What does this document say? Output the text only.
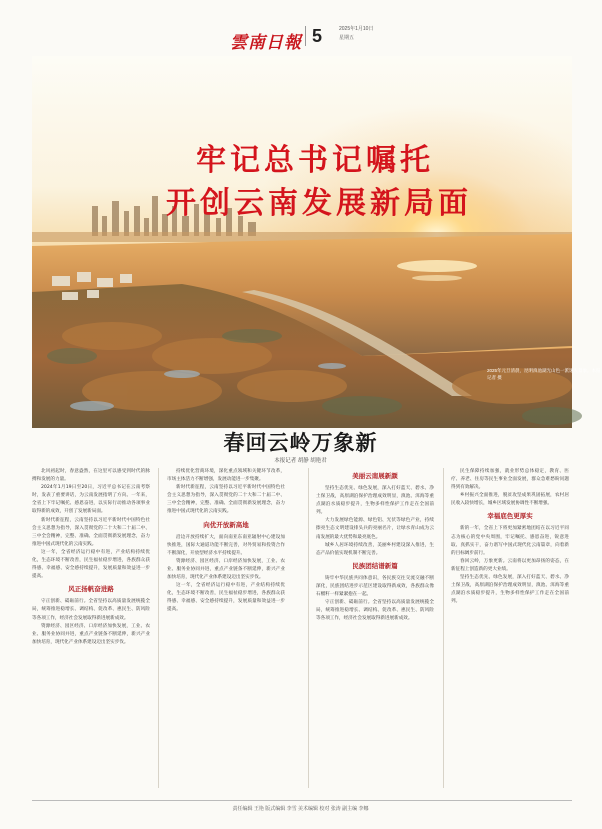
雲南日報 5	2025年1月10日
星期五
牢记总书记嘱托
开创云南发展新局面
2025年元旦清晨，昆明滇池湖光山色一派迷人景象。本报记者 摄
春回云岭万象新
本报记者 胡静 胡艳君

北风初起时，春意盎然，在这里可以感受到时代的脉搏和发展的力量。

2024年1月19日至20日，习近平总书记在云南考察时，发表了重要讲话，为云南发展指明了方向。一年来，全省上下牢记嘱托、感恩奋进，以实际行动推动各项事业取得新的成效，开创了发展新局面。

新时代新征程，云南坚持以习近平新时代中国特色社会主义思想为指导，深入贯彻党的二十大和二十届二中、三中全会精神，完整、准确、全面贯彻新发展理念，奋力推进中国式现代化的云南实践。

这一年，全省经济运行稳中有进，产业结构持续优化，生态环境不断改善，民生福祉稳步增进，各族群众获得感、幸福感、安全感持续提升，发展质量和效益进一步提高。

风正扬帆奋进路

守正创新、砥砺前行。全省坚持以高质量发展统揽全局，统筹推进稳增长、调结构、促改革、惠民生、防风险等各项工作，经济社会发展取得新进展新成效。

资源经济、园区经济、口岸经济加快发展，工业、农业、服务业协同并进，重点产业链条不断延伸，新兴产业加快培育，现代化产业体系建设迈出坚实步伐。

持续优化营商环境，深化重点领域和关键环节改革，市场主体活力不断增强，发展动能进一步集聚。

新时代新征程，云南坚持以习近平新时代中国特色社会主义思想为指导，深入贯彻党的二十大和二十届二中、三中全会精神，完整、准确、全面贯彻新发展理念，奋力推进中国式现代化的云南实践。

向优开放新高地

沿边开放持续扩大，面向南亚东南亚辐射中心建设加快推进，国际大通道功能不断完善，对外贸易和投资合作不断深化，开放型经济水平持续提升。

资源经济、园区经济、口岸经济加快发展，工业、农业、服务业协同并进，重点产业链条不断延伸，新兴产业加快培育，现代化产业体系建设迈出坚实步伐。

这一年，全省经济运行稳中有进，产业结构持续优化，生态环境不断改善，民生福祉稳步增进，各族群众获得感、幸福感、安全感持续提升，发展质量和效益进一步提高。

美丽云南展新颜

坚持生态优先、绿色发展，深入打好蓝天、碧水、净土保卫战，高原湖泊保护治理成效明显，滇池、洱海等重点湖泊水质稳步提升，生物多样性保护工作走在全国前列。

大力发展绿色能源、绿色铝、光伏等绿色产业，持续擦亮生态文明建设排头兵的亮丽名片，让绿水青山成为云南发展的最大优势和最亮底色。

城乡人居环境持续改善，美丽乡村建设深入推进，生态产品价值实现机制不断完善。

民族团结谱新篇

铸牢中华民族共同体意识，各民族交往交流交融不断深化，民族团结进步示范区建设取得新成效，各族群众像石榴籽一样紧紧抱在一起。

守正创新、砥砺前行。全省坚持以高质量发展统揽全局，统筹推进稳增长、调结构、促改革、惠民生、防风险等各项工作，经济社会发展取得新进展新成效。

民生保障持续加强，就业形势总体稳定，教育、医疗、养老、住房等民生事业全面发展，群众急难愁盼问题得到有效解决。

乡村振兴全面推进，脱贫攻坚成果巩固拓展，农村居民收入较快增长，城乡区域发展协调性不断增强。

幸福底色更厚实

新的一年，全省上下将更加紧密地团结在以习近平同志为核心的党中央周围，牢记嘱托、感恩奋进，锐意进取、真抓实干，奋力谱写中国式现代化云南篇章，向着新的目标阔步前行。

春回云岭，万象更新。云南将以更加昂扬的姿态，在新征程上创造新的更大业绩。

坚持生态优先、绿色发展，深入打好蓝天、碧水、净土保卫战，高原湖泊保护治理成效明显，滇池、洱海等重点湖泊水质稳步提升，生物多样性保护工作走在全国前列。

责任编辑 王艳 版式编辑 李雪 美术编辑 校对 张涛 副主编 李娜
